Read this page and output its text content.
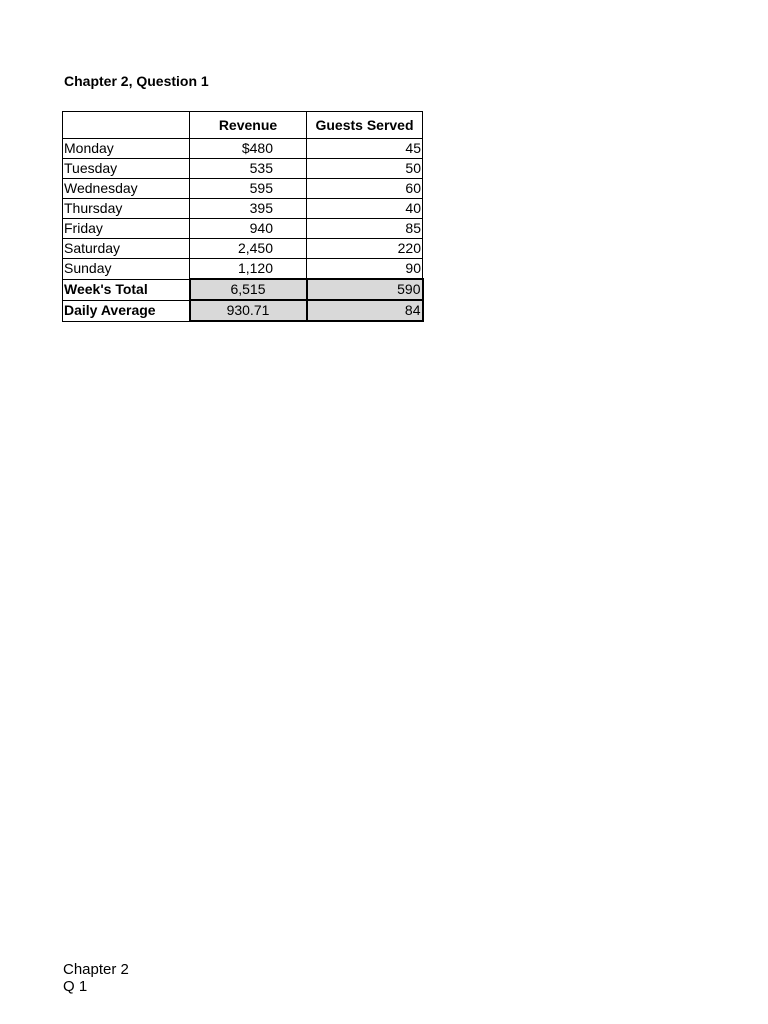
Chapter 2, Question 1
	Revenue	Guests Served
Monday	$480	45
Tuesday	535	50
Wednesday	595	60
Thursday	395	40
Friday	940	85
Saturday	2,450	220
Sunday	1,120	90
Week's Total	6,515	590
Daily Average	930.71	84
Chapter 2
Q 1
